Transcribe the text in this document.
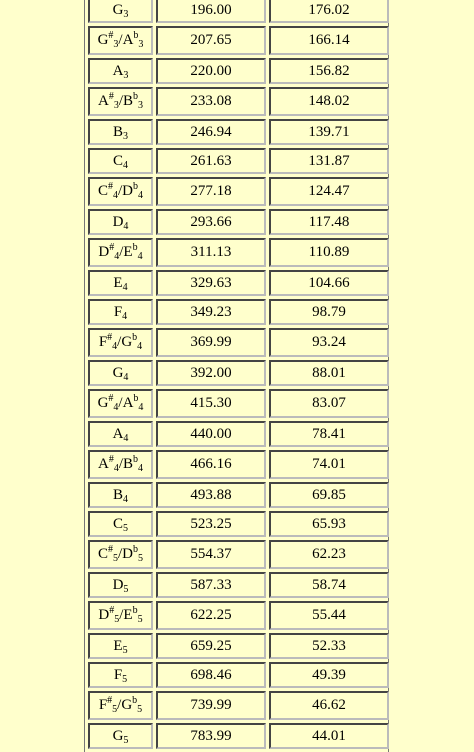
$G_3$	196.00	176.02
$G^{\#}_3/A^b_3$	207.65	166.14
$A_3$	220.00	156.82
$A^{\#}_3/B^b_3$	233.08	148.02
$B_3$	246.94	139.71
$C_4$	261.63	131.87
$C^{\#}_4/D^b_4$	277.18	124.47
$D_4$	293.66	117.48
$D^{\#}_4/E^b_4$	311.13	110.89
$E_4$	329.63	104.66
$F_4$	349.23	98.79
$F^{\#}_4/G^b_4$	369.99	93.24
$G_4$	392.00	88.01
$G^{\#}_4/A^b_4$	415.30	83.07
$A_4$	440.00	78.41
$A^{\#}_4/B^b_4$	466.16	74.01
$B_4$	493.88	69.85
$C_5$	523.25	65.93
$C^{\#}_5/D^b_5$	554.37	62.23
$D_5$	587.33	58.74
$D^{\#}_5/E^b_5$	622.25	55.44
$E_5$	659.25	52.33
$F_5$	698.46	49.39
$F^{\#}_5/G^b_5$	739.99	46.62
$G_5$	783.99	44.01
